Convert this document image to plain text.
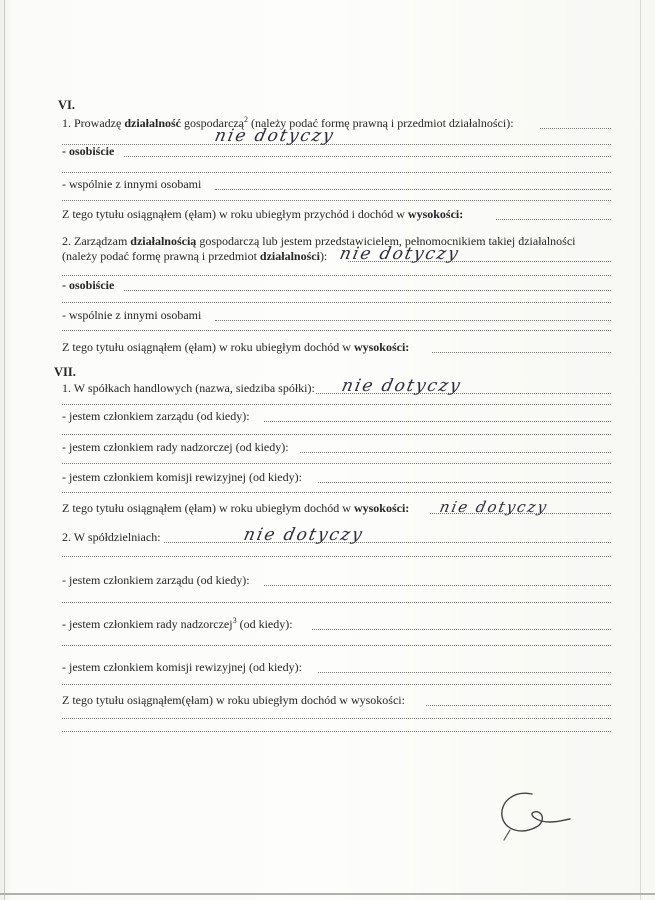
VI.
1. Prowadzę działalność gospodarczą$^2$ (należy podać formę prawną i przedmiot działalności):
nie dotyczy
- osobiście
- wspólnie z innymi osobami
Z tego tytułu osiągnąłem (ęłam) w roku ubiegłym przychód i dochód w wysokości:
2. Zarządzam działalnością gospodarczą lub jestem przedstawicielem, pełnomocnikiem takiej działalności
(należy podać formę prawną i przedmiot działalności): nie dotyczy
- osobiście
- wspólnie z innymi osobami
Z tego tytułu osiągnąłem (ęłam) w roku ubiegłym dochód w wysokości:
VII.
1. W spółkach handlowych (nazwa, siedziba spółki):	nie dotyczy
- jestem członkiem zarządu (od kiedy):
- jestem członkiem rady nadzorczej (od kiedy):
- jestem członkiem komisji rewizyjnej (od kiedy):
Z tego tytułu osiągnąłem (ęłam) w roku ubiegłym dochód w wysokości:	nie dotyczy
2. W spółdzielniach:	nie dotyczy
- jestem członkiem zarządu (od kiedy):
- jestem członkiem rady nadzorczej$^3$ (od kiedy):
- jestem członkiem komisji rewizyjnej (od kiedy):
Z tego tytułu osiągnąłem(ęłam) w roku ubiegłym dochód w wysokości:
